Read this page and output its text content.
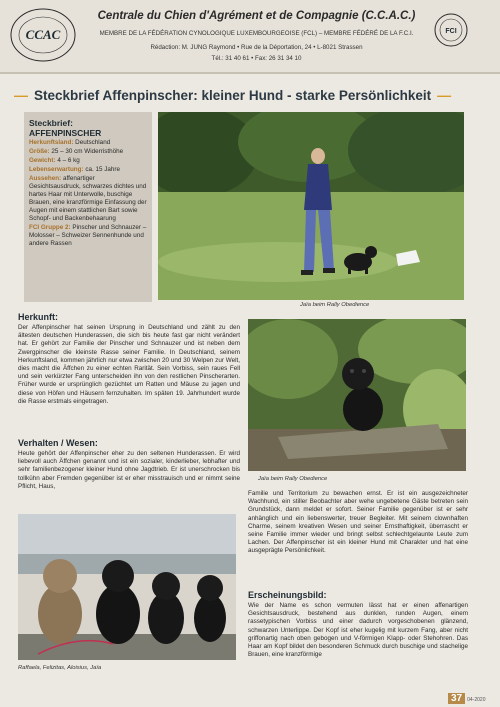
CCAC
Centrale du Chien d'Agrément et de Compagnie (C.C.A.C.)
MEMBRE DE LA FÉDÉRATION CYNOLOGIQUE LUXEMBOURGEOISE (FCL) – MEMBRE FÉDÉRÉ DE LA F.C.I.
Rédaction: M. JUNG Raymond • Rue de la Déportation, 24 • L-8021 Strassen
Tél.: 31 40 61 • Fax: 26 31 34 10
FCI
— Steckbrief Affenpinscher: kleiner Hund - starke Persönlichkeit —
Steckbrief:
AFFENPINSCHER
Herkunftsland: Deutschland
Größe: 25 – 30 cm Widerristhöhe
Gewicht: 4 – 6 kg
Lebenserwartung: ca. 15 Jahre
Aussehen: affenartiger Gesichtsausdruck, schwarzes dichtes und hartes Haar mit Unterwolle, buschige Brauen, eine kranzförmige Einfassung der Augen mit einem stattlichen Bart sowie Schopf- und Backenbehaarung
FCI Gruppe 2: Pinscher und Schnauzer – Molosser – Schweizer Sennenhunde und andere Rassen
Jaïa beim Rally Obedience
Herkunft:
Der Affenpinscher hat seinen Ursprung in Deutschland und zählt zu den ältesten deutschen Hunderassen, die sich bis heute fast gar nicht verändert hat. Er gehört zur Familie der Pinscher und Schnauzer und ist neben dem Zwergpinscher die kleinste Rasse seiner Familie. In Deutschland, seinem Herkunftsland, kommen jährlich nur etwa zwischen 20 und 30 Welpen zur Welt, dies macht die Äffchen zu einer echten Rarität. Sein Vorbiss, sein raues Fell und sein verkürzter Fang unterscheiden ihn von den restlichen Pinscherarten. Früher wurde er ursprünglich gezüchtet um Ratten und Mäuse zu jagen und diese von Höfen und Häusern fernzuhalten. Im späten 19. Jahrhundert wurde die Rasse erstmals eingetragen.
Jaïa beim Rally Obedience
Verhalten / Wesen:
Heute gehört der Affenpinscher eher zu den seltenen Hunderassen. Er wird liebevoll auch Äffchen genannt und ist ein sozialer, kinderlieber, lebhafter und sehr familienbezogener kleiner Hund ohne Jagdtrieb. Er ist unerschrocken bis tollkühn aber Fremden gegenüber ist er eher misstrauisch und er nimmt seine Pflicht, Haus,
Familie und Territorium zu bewachen ernst. Er ist ein ausgezeichneter Wachhund, ein stiller Beobachter aber wehe ungebetene Gäste betreten sein Grundstück, dann meldet er sofort. Seiner Familie gegenüber ist er sehr anhänglich und ein liebenswerter, treuer Begleiter. Mit seinem clownhaften Charme, seinem kreativen Wesen und seiner Ernsthaftigkeit, überrascht er seine Familie immer wieder und bringt selbst schlechtgelaunte Leute zum Lachen. Der Affenpinscher ist ein kleiner Hund mit Charakter und hat eine ausgeprägte Persönlichkeit.
Raffaela, Felizitas, Aloisius, Jaïa
Erscheinungsbild:
Wie der Name es schon vermuten lässt hat er einen affenartigen Gesichtsausdruck, bestehend aus dunklen, runden Augen, einem rassetypischen Vorbiss und einer dadurch vorgeschobenen glänzend, schwarzen Unterlippe. Der Kopf ist eher kugelig mit kurzem Fang, aber nicht griffonartig nach oben gebogen und V-förmigen Klapp- oder Stehohren. Das Haar am Kopf bildet den besonderen Schmuck durch buschige und stachelige Brauen, eine kranzförmige
37	04-2020
